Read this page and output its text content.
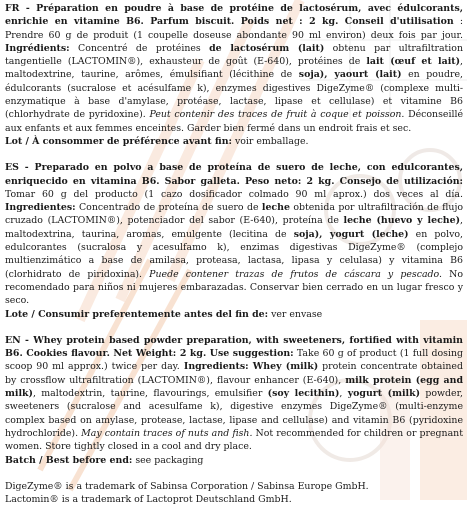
FR - Préparation en poudre à base de protéine de lactosérum, avec édulcorants, enrichie en vitamine B6. Parfum biscuit. Poids net : 2 kg. Conseil d'utilisation : Prendre 60 g de produit (1 coupelle doseuse abondante 90 ml environ) deux fois par jour. Ingrédients: Concentré de protéines de lactosérum (lait) obtenu par ultrafiltration tangentielle (LACTOMIN®), exhausteur de goût (E-640), protéines de lait (œuf et lait), maltodextrine, taurine, arômes, émulsifiant (lécithine de soja), yaourt (lait) en poudre, édulcorants (sucralose et acésulfame k), enzymes digestives DigeZyme® (complexe multi-enzymatique à base d'amylase, protéase, lactase, lipase et cellulase) et vitamine B6 (chlorhydrate de pyridoxine). Peut contenir des traces de fruit à coque et poisson. Déconseillé aux enfants et aux femmes enceintes. Garder bien fermé dans un endroit frais et sec.
Lot / À consommer de préférence avant fin: voir emballage.

ES - Preparado en polvo a base de proteína de suero de leche, con edulcorantes, enriquecido en vitamina B6. Sabor galleta. Peso neto: 2 kg. Consejo de utilización: Tomar 60 g del producto (1 cazo dosificador colmado 90 ml aprox.) dos veces al día. Ingredientes: Concentrado de proteína de suero de leche obtenida por ultrafiltración de flujo cruzado (LACTOMIN®), potenciador del sabor (E-640), proteína de leche (huevo y leche), maltodextrina, taurina, aromas, emulgente (lecitina de soja), yogurt (leche) en polvo, edulcorantes (sucralosa y acesulfamo k), enzimas digestivas DigeZyme® (complejo multienzimático a base de amilasa, proteasa, lactasa, lipasa y celulasa) y vitamina B6 (clorhidrato de piridoxina). Puede contener trazas de frutos de cáscara y pescado. No recomendado para niños ni mujeres embarazadas. Conservar bien cerrado en un lugar fresco y seco.
Lote / Consumir preferentemente antes del fin de: ver envase

EN - Whey protein based powder preparation, with sweeteners, fortified with vitamin B6. Cookies flavour. Net Weight: 2 kg. Use suggestion: Take 60 g of product (1 full dosing scoop 90 ml approx.) twice per day. Ingredients: Whey (milk) protein concentrate obtained by crossflow ultrafiltration (LACTOMIN®), flavour enhancer (E-640), milk protein (egg and milk), maltodextrin, taurine, flavourings, emulsifier (soy lecithin), yogurt (milk) powder, sweeteners (sucralose and acesulfame k), digestive enzymes DigeZyme® (multi-enzyme complex based on amylase, protease, lactase, lipase and cellulase) and vitamin B6 (pyridoxine hydrochloride). May contain traces of nuts and fish. Not recommended for children or pregnant women. Store tightly closed in a cool and dry place.
Batch / Best before end: see packaging

DigeZyme® is a trademark of Sabinsa Corporation / Sabinsa Europe GmbH.

Lactomin® is a trademark of Lactoprot Deutschland GmbH.
